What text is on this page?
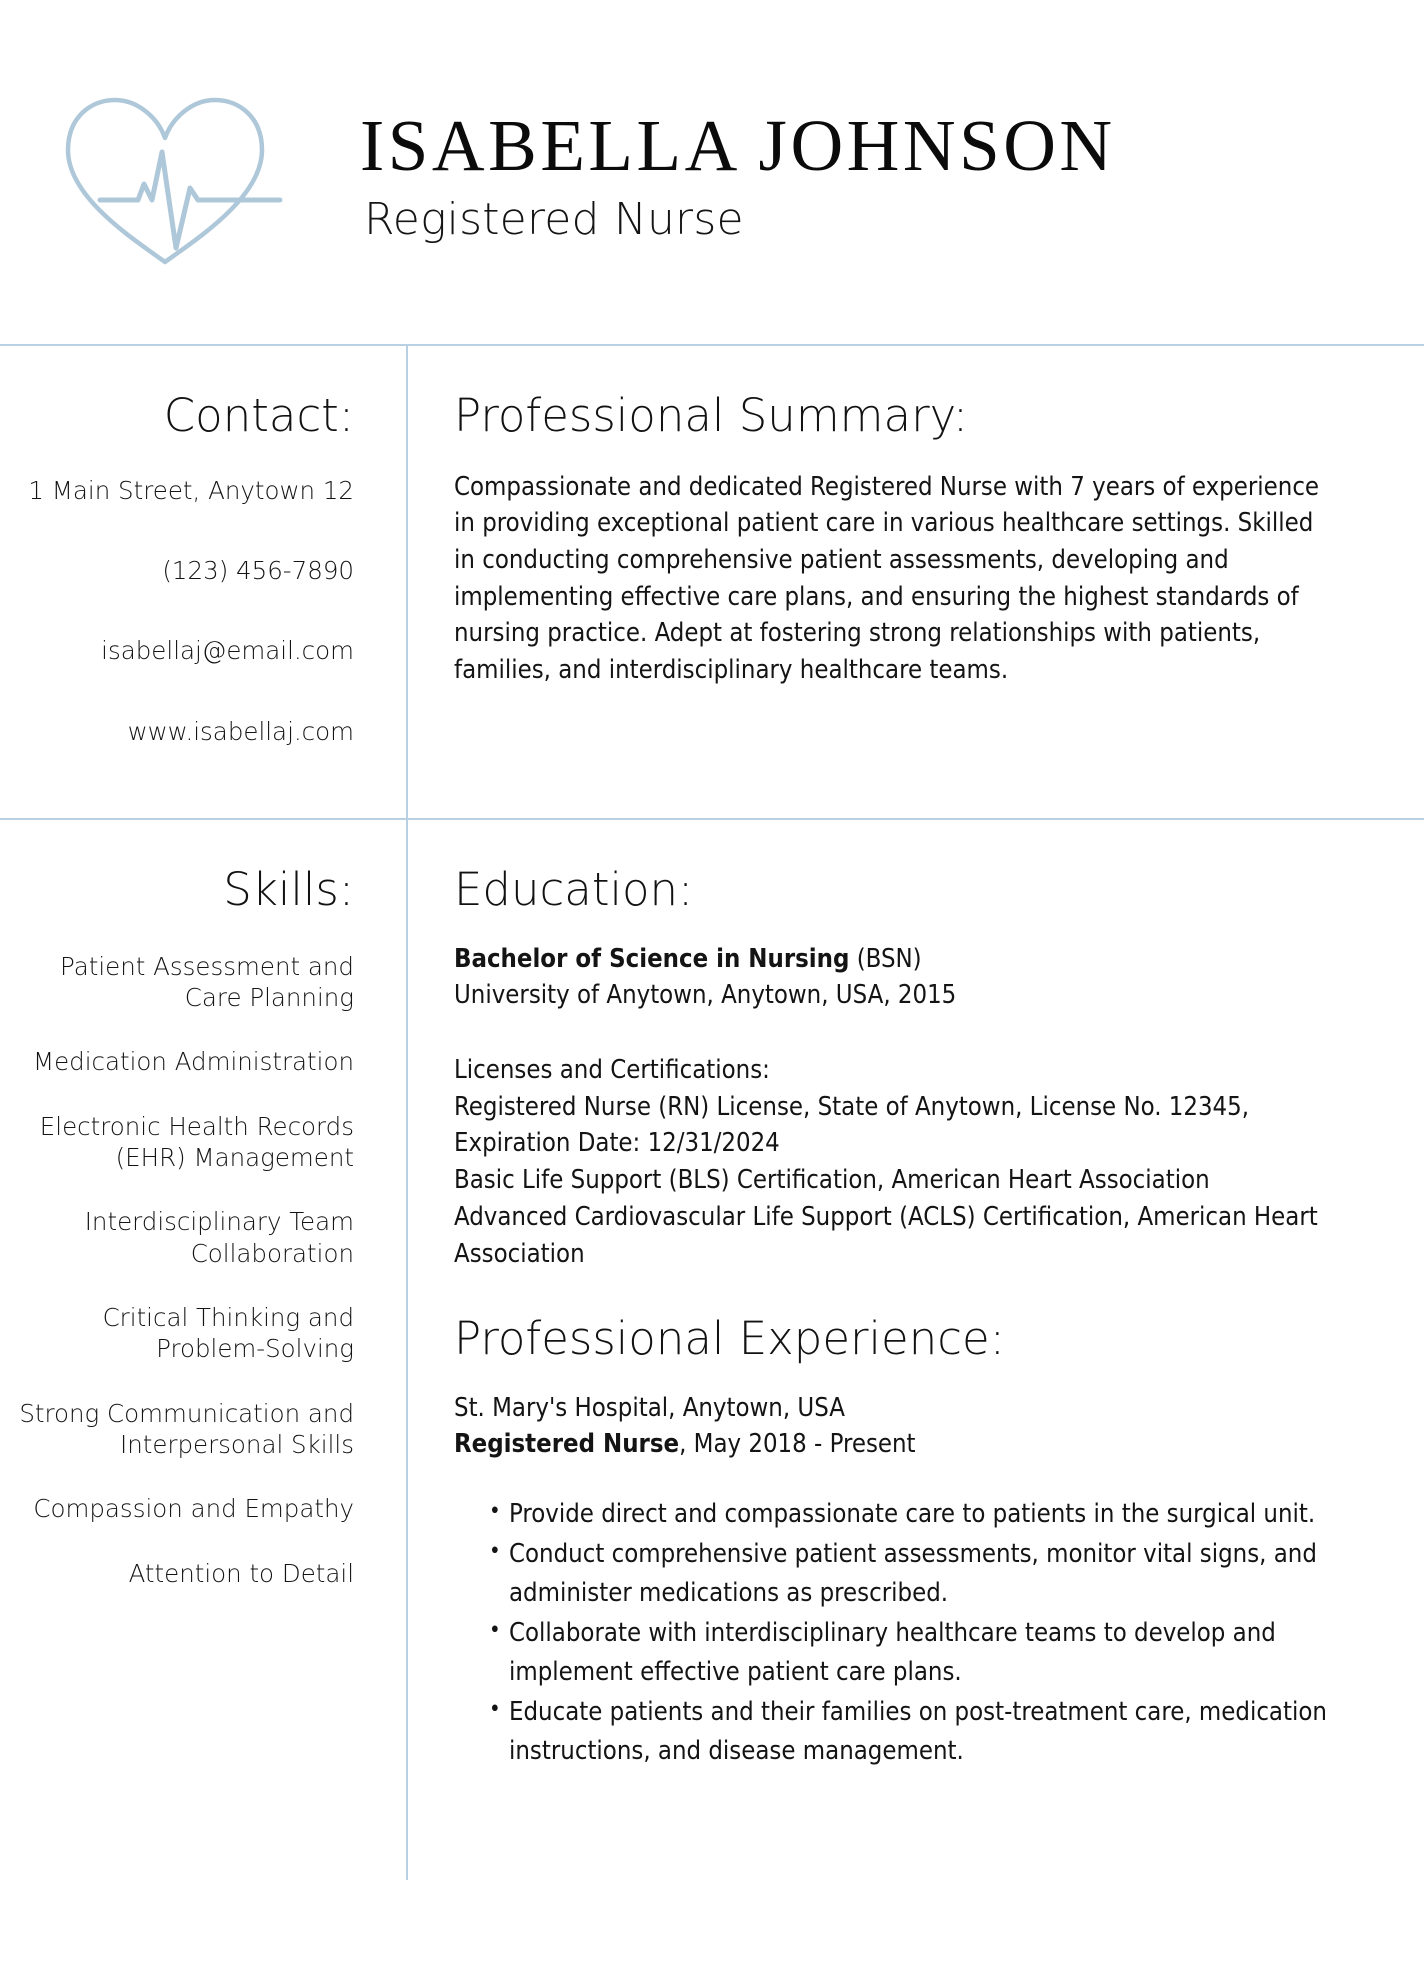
ISABELLA JOHNSON
Registered Nurse
Contact:
1 Main Street, Anytown 12
(123) 456-7890
isabellaj@email.com
www.isabellaj.com
Professional Summary:

Compassionate and dedicated Registered Nurse with 7 years of experience in providing exceptional patient care in various healthcare settings. Skilled in conducting comprehensive patient assessments, developing and implementing effective care plans, and ensuring the highest standards of nursing practice. Adept at fostering strong relationships with patients, families, and interdisciplinary healthcare teams.

Skills:
Patient Assessment and Care Planning
Medication Administration
Electronic Health Records (EHR) Management
Interdisciplinary Team Collaboration
Critical Thinking and Problem-Solving
Strong Communication and Interpersonal Skills
Compassion and Empathy
Attention to Detail
Education:
Bachelor of Science in Nursing (BSN)
University of Anytown, Anytown, USA, 2015
Licenses and Certifications:
Registered Nurse (RN) License, State of Anytown, License No. 12345,
Expiration Date: 12/31/2024
Basic Life Support (BLS) Certification, American Heart Association
Advanced Cardiovascular Life Support (ACLS) Certification, American Heart Association
Professional Experience:
St. Mary's Hospital, Anytown, USA
Registered Nurse, May 2018 - Present
• Provide direct and compassionate care to patients in the surgical unit.
• Conduct comprehensive patient assessments, monitor vital signs, and administer medications as prescribed.
• Collaborate with interdisciplinary healthcare teams to develop and implement effective patient care plans.
• Educate patients and their families on post-treatment care, medication instructions, and disease management.
